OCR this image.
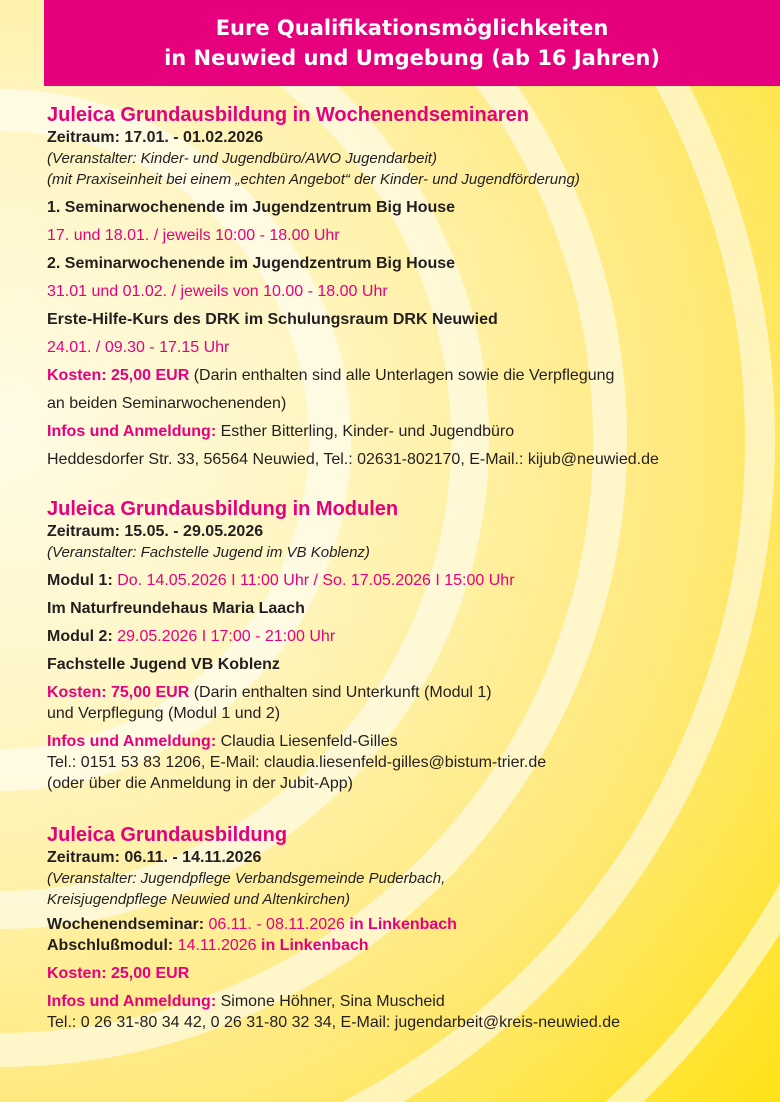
Eure Qualifikationsmöglichkeiten
in Neuwied und Umgebung (ab 16 Jahren)
Juleica Grundausbildung in Wochenendseminaren
Zeitraum: 17.01. - 01.02.2026
(Veranstalter: Kinder- und Jugendbüro/AWO Jugendarbeit)
(mit Praxiseinheit bei einem „echten Angebot“ der Kinder- und Jugendförderung)
1. Seminarwochenende im Jugendzentrum Big House
17. und 18.01. / jeweils 10:00 - 18.00 Uhr
2. Seminarwochenende im Jugendzentrum Big House
31.01 und 01.02. / jeweils von 10.00 - 18.00 Uhr
Erste-Hilfe-Kurs des DRK im Schulungsraum DRK Neuwied
24.01. / 09.30 - 17.15 Uhr
Kosten: 25,00 EUR (Darin enthalten sind alle Unterlagen sowie die Verpflegung
an beiden Seminarwochenenden)
Infos und Anmeldung: Esther Bitterling, Kinder- und Jugendbüro
Heddesdorfer Str. 33, 56564 Neuwied, Tel.: 02631-802170, E-Mail.: kijub@neuwied.de
Juleica Grundausbildung in Modulen
Zeitraum: 15.05. - 29.05.2026
(Veranstalter: Fachstelle Jugend im VB Koblenz)
Modul 1: Do. 14.05.2026 I 11:00 Uhr / So. 17.05.2026 I 15:00 Uhr
Im Naturfreundehaus Maria Laach
Modul 2: 29.05.2026 I 17:00 - 21:00 Uhr
Fachstelle Jugend VB Koblenz
Kosten: 75,00 EUR (Darin enthalten sind Unterkunft (Modul 1)
und Verpflegung (Modul 1 und 2)
Infos und Anmeldung: Claudia Liesenfeld-Gilles
Tel.: 0151 53 83 1206, E-Mail: claudia.liesenfeld-gilles@bistum-trier.de
(oder über die Anmeldung in der Jubit-App)
Juleica Grundausbildung
Zeitraum: 06.11. - 14.11.2026
(Veranstalter: Jugendpflege Verbandsgemeinde Puderbach,
Kreisjugendpflege Neuwied und Altenkirchen)
Wochenendseminar: 06.11. - 08.11.2026 in Linkenbach
Abschlußmodul: 14.11.2026 in Linkenbach
Kosten: 25,00 EUR
Infos und Anmeldung: Simone Höhner, Sina Muscheid
Tel.: 0 26 31-80 34 42, 0 26 31-80 32 34, E-Mail: jugendarbeit@kreis-neuwied.de
